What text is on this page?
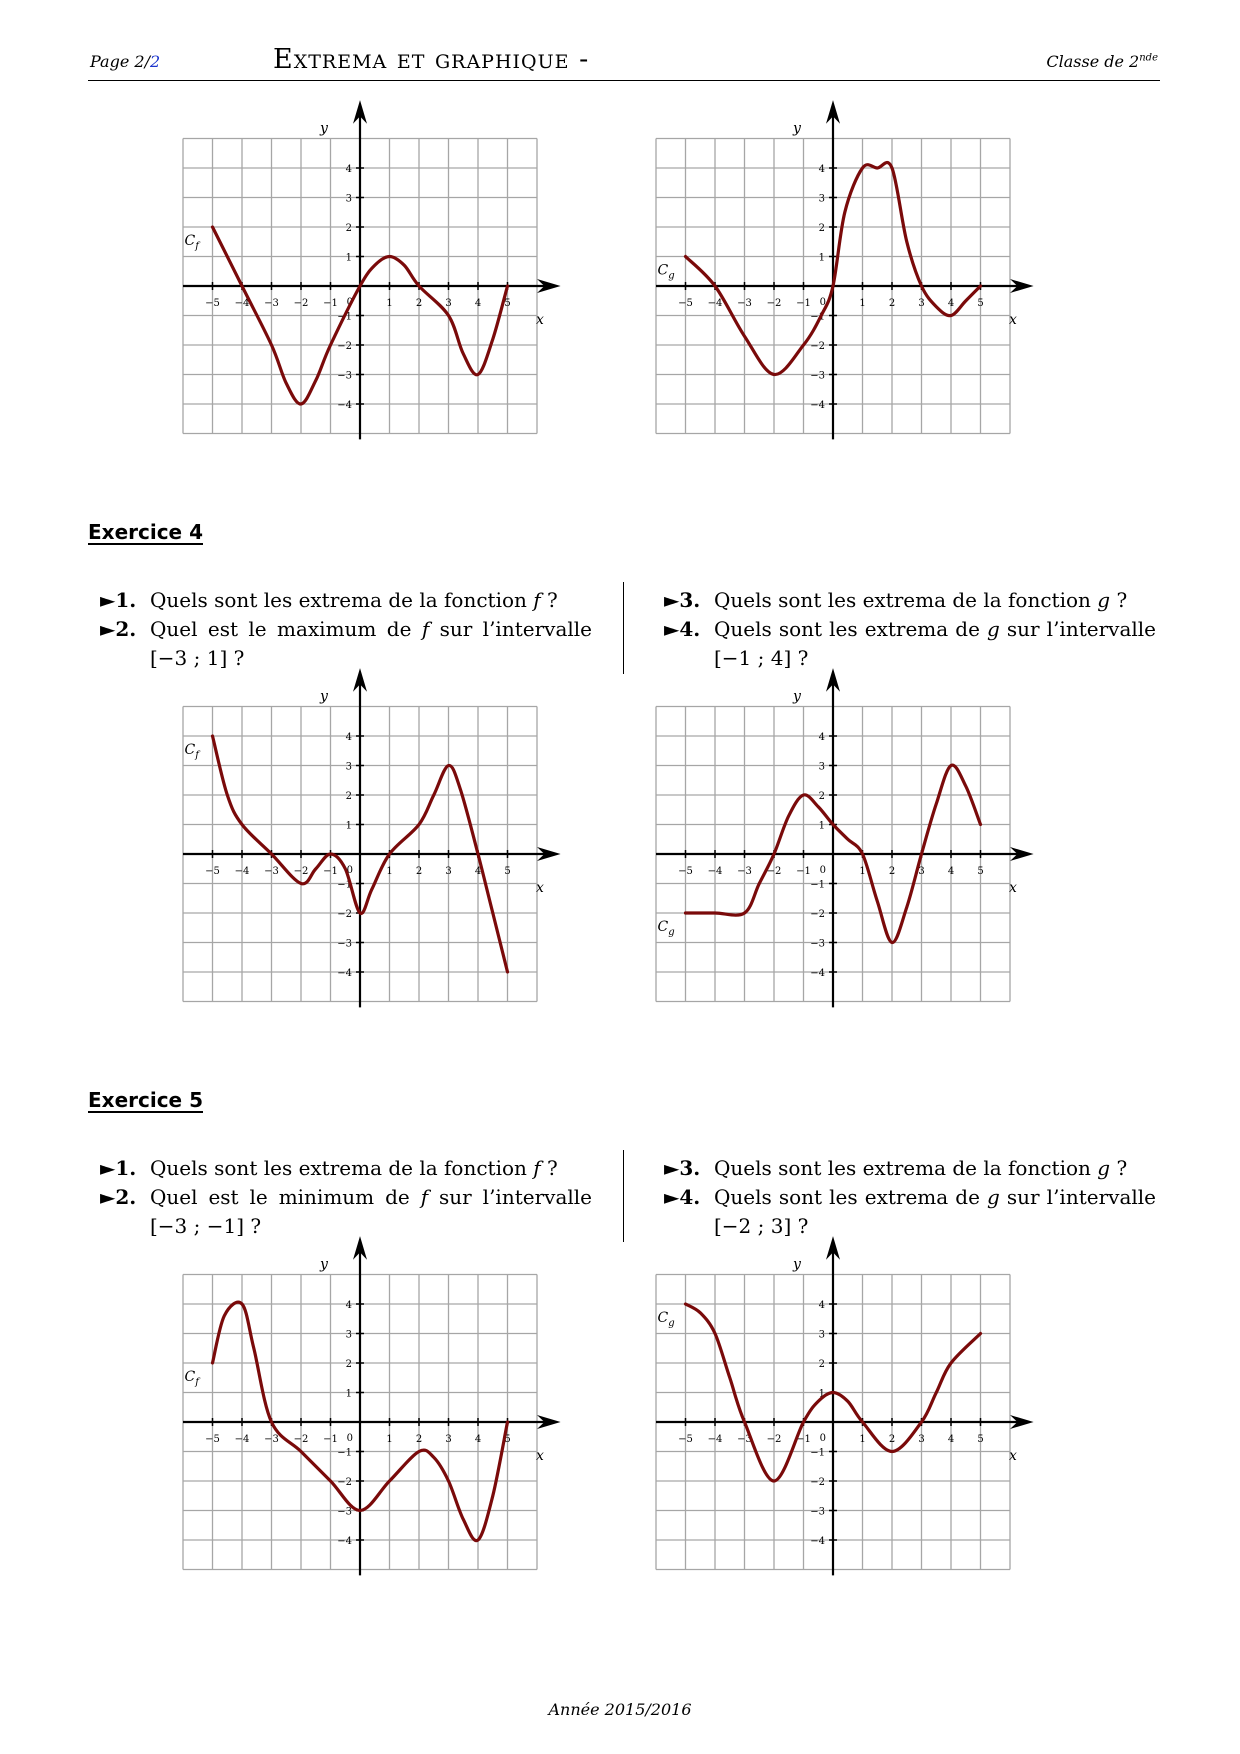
Page 2/2	Extrema et graphique -	Classe de 2nde
−5 −4 −3 −2 −1	1 2 3 4 5
−4
−3
−2
−1
1
2
3
4
0
x
y
$C_f$
−5 −4 −3 −2 −1	1 2 3 4 5
−4
−3
−2
−1
1
2
3
4
0
x
y
$C_g$
Exercice 4
►1. Quels sont les extrema de la fonction f ?
►2. Quel est le maximum de f sur l’intervalle [−3 ; 1] ?
►3. Quels sont les extrema de la fonction g ?
►4. Quels sont les extrema de g sur l’intervalle [−1 ; 4] ?
−5 −4 −3 −2 −1	1 2 3 4 5
−4
−3
−2
−1
1
2
3
4
0
x
y
$C_f$
−5 −4 −3 −2 −1	1 2 3 4 5
−4
−3
−2
−1
1
2
3
4
0
x
y
$C_g$
Exercice 5
►1. Quels sont les extrema de la fonction f ?
►2. Quel est le minimum de f sur l’intervalle [−3 ; −1] ?
►3. Quels sont les extrema de la fonction g ?
►4. Quels sont les extrema de g sur l’intervalle [−2 ; 3] ?
−5 −4 −3 −2 −1	1 2 3 4 5
−4
−3
−2
−1
1
2
3
4
0
x
y
$C_f$
−5 −4 −3 −2 −1	1 2 3 4 5
−4
−3
−2
−1
1
2
3
4
0
x
y
$C_g$
Année 2015/2016
